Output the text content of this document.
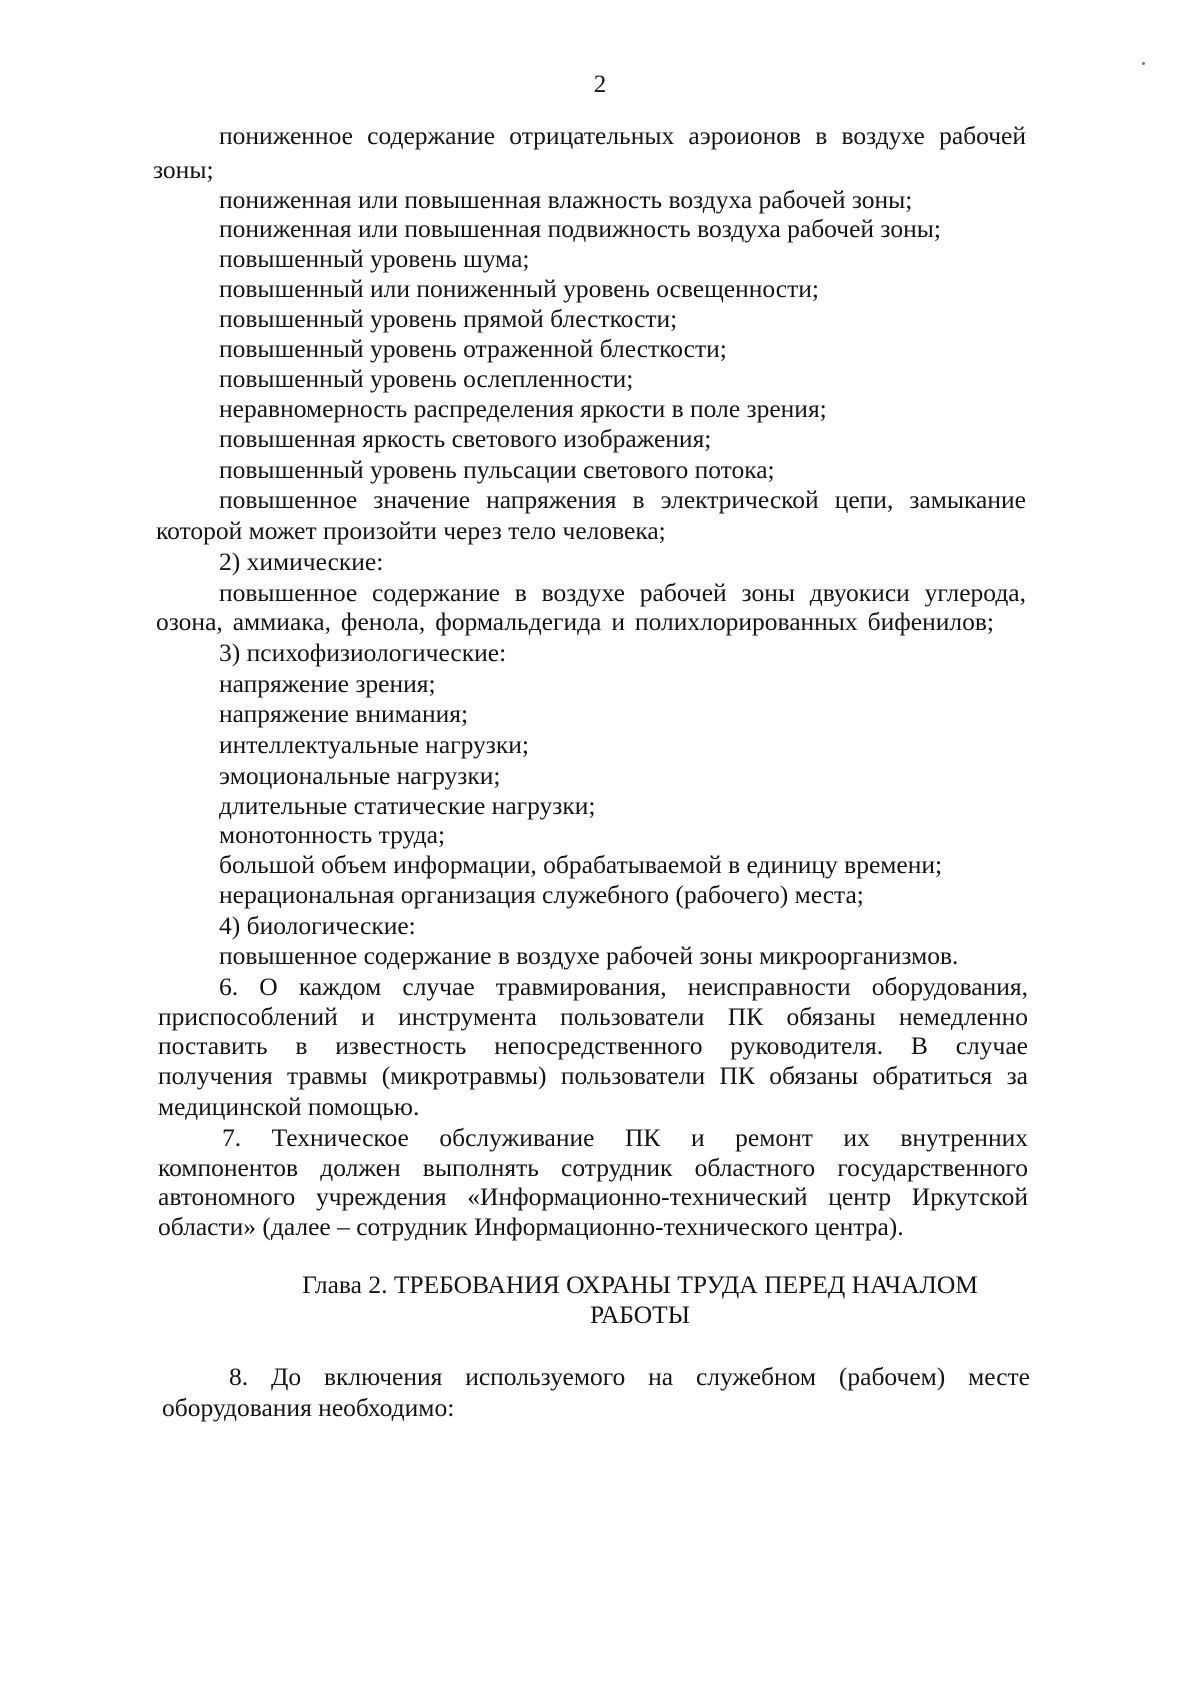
2
пониженное содержание отрицательных аэроионов в воздухе рабочей
зоны;
пониженная или повышенная влажность воздуха рабочей зоны;
пониженная или повышенная подвижность воздуха рабочей зоны;
повышенный уровень шума;
повышенный или пониженный уровень освещенности;
повышенный уровень прямой блесткости;
повышенный уровень отраженной блесткости;
повышенный уровень ослепленности;
неравномерность распределения яркости в поле зрения;
повышенная яркость светового изображения;
повышенный уровень пульсации светового потока;
повышенное значение напряжения в электрической цепи, замыкание
которой может произойти через тело человека;
2) химические:
повышенное содержание в воздухе рабочей зоны двуокиси углерода,
озона, аммиака, фенола, формальдегида и полихлорированных бифенилов;
3) психофизиологические:
напряжение зрения;
напряжение внимания;
интеллектуальные нагрузки;
эмоциональные нагрузки;
длительные статические нагрузки;
монотонность труда;
большой объем информации, обрабатываемой в единицу времени;
нерациональная организация служебного (рабочего) места;
4) биологические:
повышенное содержание в воздухе рабочей зоны микроорганизмов.
6. О каждом случае травмирования, неисправности оборудования,
приспособлений и инструмента пользователи ПК обязаны немедленно
поставить в известность непосредственного руководителя. В случае
получения травмы (микротравмы) пользователи ПК обязаны обратиться за
медицинской помощью.
7. Техническое обслуживание ПК и ремонт их внутренних
компонентов должен выполнять сотрудник областного государственного
автономного учреждения «Информационно-технический центр Иркутской
области» (далее – сотрудник Информационно-технического центра).
Глава 2. ТРЕБОВАНИЯ ОХРАНЫ ТРУДА ПЕРЕД НАЧАЛОМ
РАБОТЫ
8. До включения используемого на служебном (рабочем) месте
оборудования необходимо:
